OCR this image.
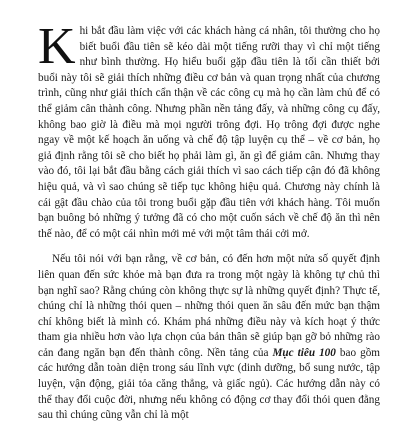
Khi bắt đầu làm việc với các khách hàng cá nhân, tôi thường cho họ biết buổi đầu tiên sẽ kéo dài một tiếng rưỡi thay vì chỉ một tiếng như bình thường. Họ hiểu buổi gặp đầu tiên là tối cần thiết bởi buổi này tôi sẽ giải thích những điều cơ bản và quan trọng nhất của chương trình, cũng như giải thích cẩn thận về các công cụ mà họ cần làm chủ để có thể giảm cân thành công. Nhưng phần nền tảng đấy, và những công cụ đấy, không bao giờ là điều mà mọi người trông đợi. Họ trông đợi được nghe ngay về một kế hoạch ăn uống và chế độ tập luyện cụ thể – về cơ bản, họ giả định rằng tôi sẽ cho biết họ phải làm gì, ăn gì để giảm cân. Nhưng thay vào đó, tôi lại bắt đầu bằng cách giải thích vì sao cách tiếp cận đó đã không hiệu quả, và vì sao chúng sẽ tiếp tục không hiệu quả. Chương này chính là cái gật đầu chào của tôi trong buổi gặp đầu tiên với khách hàng. Tôi muốn bạn buông bỏ những ý tưởng đã có cho một cuốn sách về chế độ ăn thì nên thế nào, để có một cái nhìn mới mẻ với một tâm thái cởi mở.

Nếu tôi nói với bạn rằng, về cơ bản, có đến hơn một nửa số quyết định liên quan đến sức khỏe mà bạn đưa ra trong một ngày là không tự chủ thì bạn nghĩ sao? Rằng chúng còn không thực sự là những quyết định? Thực tế, chúng chỉ là những thói quen – những thói quen ăn sâu đến mức bạn thậm chí không biết là mình có. Khám phá những điều này và kích hoạt ý thức tham gia nhiều hơn vào lựa chọn của bản thân sẽ giúp bạn gỡ bỏ những rào cản đang ngăn bạn đến thành công. Nền tảng của Mục tiêu 100 bao gồm các hướng dẫn toàn diện trong sáu lĩnh vực (dinh dưỡng, bổ sung nước, tập luyện, vận động, giải tỏa căng thẳng, và giấc ngủ). Các hướng dẫn này có thể thay đổi cuộc đời, nhưng nếu không có động cơ thay đổi thói quen đằng sau thì chúng cũng vẫn chỉ là một
